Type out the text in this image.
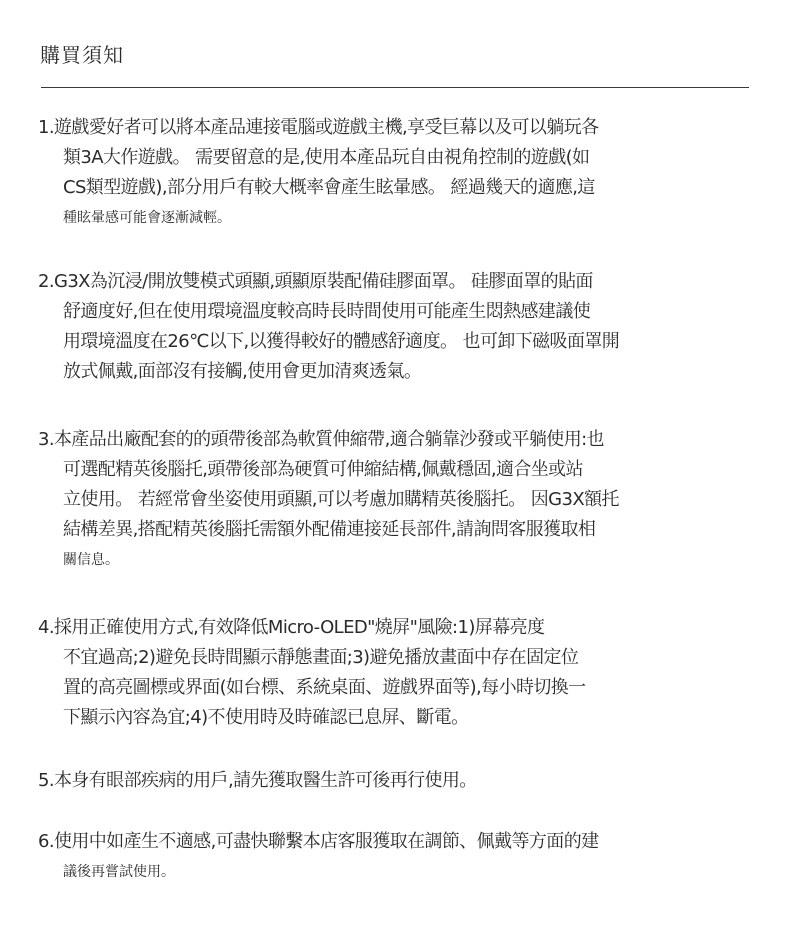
購買須知
1.遊戲愛好者可以將本產品連接電腦或遊戲主機,享受巨幕以及可以躺玩各
類3A大作遊戲。 需要留意的是,使用本產品玩自由視角控制的遊戲(如
CS類型遊戲),部分用戶有較大概率會產生眩暈感。 經過幾天的適應,這
種眩暈感可能會逐漸減輕。
2.G3X為沉浸/開放雙模式頭顯,頭顯原裝配備硅膠面罩。 硅膠面罩的貼面
舒適度好,但在使用環境溫度較高時長時間使用可能產生悶熱感建議使
用環境溫度在26℃以下,以獲得較好的體感舒適度。 也可卸下磁吸面罩開
放式佩戴,面部沒有接觸,使用會更加清爽透氣。
3.本產品出廠配套的的頭帶後部為軟質伸縮帶,適合躺靠沙發或平躺使用:也
可選配精英後腦托,頭帶後部為硬質可伸縮結構,佩戴穩固,適合坐或站
立使用。 若經常會坐姿使用頭顯,可以考慮加購精英後腦托。 因G3X額托
結構差異,搭配精英後腦托需額外配備連接延長部件,請詢問客服獲取相
關信息。
4.採用正確使用方式,有效降低Micro-OLED"燒屏"風險:1)屏幕亮度
不宜過高;2)避免長時間顯示靜態畫面;3)避免播放畫面中存在固定位
置的高亮圖標或界面(如台標、系統桌面、遊戲界面等),每小時切換一
下顯示內容為宜;4)不使用時及時確認已息屏、斷電。
5.本身有眼部疾病的用戶,請先獲取醫生許可後再行使用。
6.使用中如產生不適感,可盡快聯繫本店客服獲取在調節、佩戴等方面的建
議後再嘗試使用。
